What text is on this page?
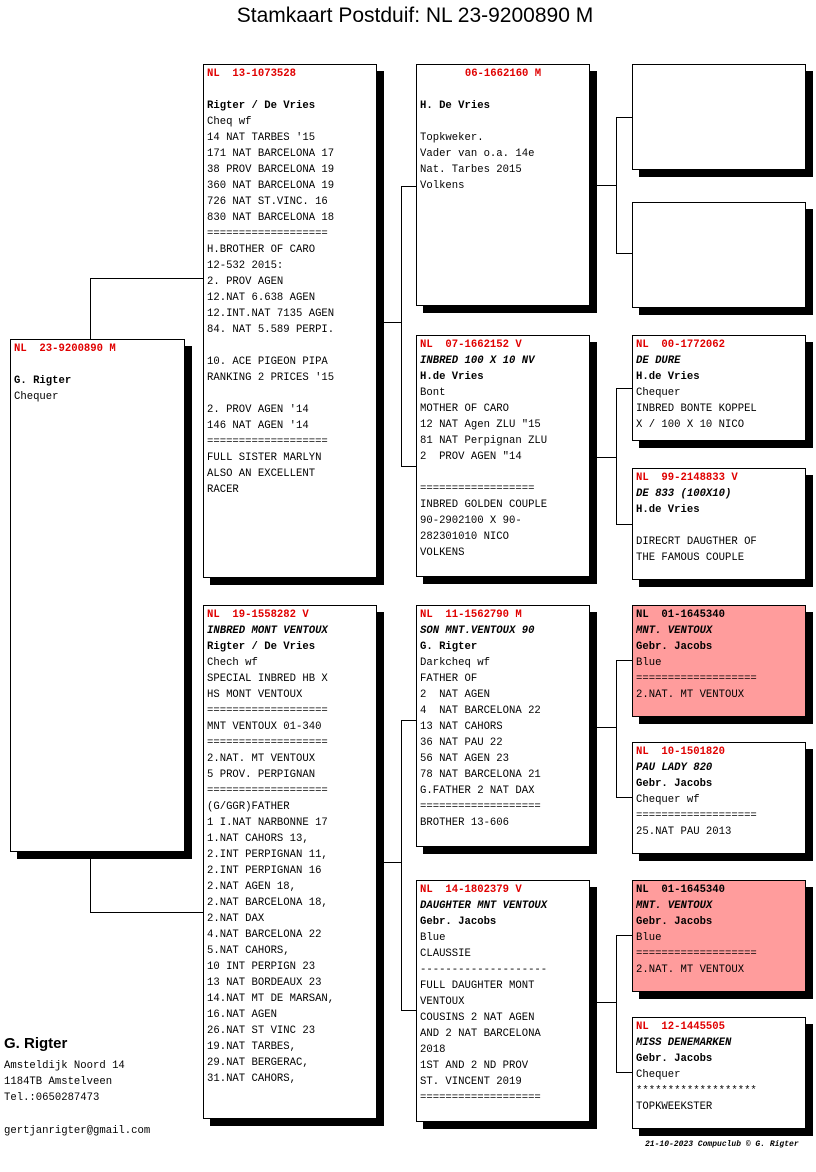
Stamkaart Postduif: NL 23-9200890 M
NL  23-9200890 M
G. Rigter
Chequer
NL  13-1073528
Rigter / De Vries
Cheq wf
14 NAT TARBES '15
171 NAT BARCELONA 17
38 PROV BARCELONA 19
360 NAT BARCELONA 19
726 NAT ST.VINC. 16
830 NAT BARCELONA 18
===================
H.BROTHER OF CARO
12-532 2015:
2. PROV AGEN
12.NAT 6.638 AGEN
12.INT.NAT 7135 AGEN
84. NAT 5.589 PERPI.
10. ACE PIGEON PIPA
RANKING 2 PRICES '15
2. PROV AGEN '14
146 NAT AGEN '14
===================
FULL SISTER MARLYN
ALSO AN EXCELLENT
RACER
NL  19-1558282 V
INBRED MONT VENTOUX
Rigter / De Vries
Chech wf
SPECIAL INBRED HB X
HS MONT VENTOUX
===================
MNT VENTOUX 01-340
===================
2.NAT. MT VENTOUX
5 PROV. PERPIGNAN
===================
(G/GGR)FATHER
1 I.NAT NARBONNE 17
1.NAT CAHORS 13,
2.INT PERPIGNAN 11,
2.INT PERPIGNAN 16
2.NAT AGEN 18,
2.NAT BARCELONA 18,
2.NAT DAX
4.NAT BARCELONA 22
5.NAT CAHORS,
10 INT PERPIGN 23
13 NAT BORDEAUX 23
14.NAT MT DE MARSAN,
16.NAT AGEN
26.NAT ST VINC 23
19.NAT TARBES,
29.NAT BERGERAC,
31.NAT CAHORS,
06-1662160 M
H. De Vries
Topkweker.
Vader van o.a. 14e
Nat. Tarbes 2015
Volkens
NL  07-1662152 V
INBRED 100 X 10 NV
H.de Vries
Bont
MOTHER OF CARO
12 NAT Agen ZLU "15
81 NAT Perpignan ZLU
2  PROV AGEN "14
==================
INBRED GOLDEN COUPLE
90-2902100 X 90-
282301010 NICO
VOLKENS
NL  11-1562790 M
SON MNT.VENTOUX 90
G. Rigter
Darkcheq wf
FATHER OF
2  NAT AGEN
4  NAT BARCELONA 22
13 NAT CAHORS
36 NAT PAU 22
56 NAT AGEN 23
78 NAT BARCELONA 21
G.FATHER 2 NAT DAX
===================
BROTHER 13-606
NL  14-1802379 V
DAUGHTER MNT VENTOUX
Gebr. Jacobs
Blue
CLAUSSIE
--------------------
FULL DAUGHTER MONT
VENTOUX
COUSINS 2 NAT AGEN
AND 2 NAT BARCELONA
2018
1ST AND 2 ND PROV
ST. VINCENT 2019
===================
NL  00-1772062
DE DURE
H.de Vries
Chequer
INBRED BONTE KOPPEL
X / 100 X 10 NICO
NL  99-2148833 V
DE 833 (100X10)
H.de Vries
DIRECRT DAUGTHER OF
THE FAMOUS COUPLE
NL  01-1645340
MNT. VENTOUX
Gebr. Jacobs
Blue
===================
2.NAT. MT VENTOUX
NL  10-1501820
PAU LADY 820
Gebr. Jacobs
Chequer wf
===================
25.NAT PAU 2013
NL  01-1645340
MNT. VENTOUX
Gebr. Jacobs
Blue
===================
2.NAT. MT VENTOUX
NL  12-1445505
MISS DENEMARKEN
Gebr. Jacobs
Chequer
*******************
TOPKWEEKSTER
G. Rigter
Amsteldijk Noord 14
1184TB Amstelveen
Tel.:0650287473
gertjanrigter@gmail.com
21-10-2023 Compuclub © G. Rigter
